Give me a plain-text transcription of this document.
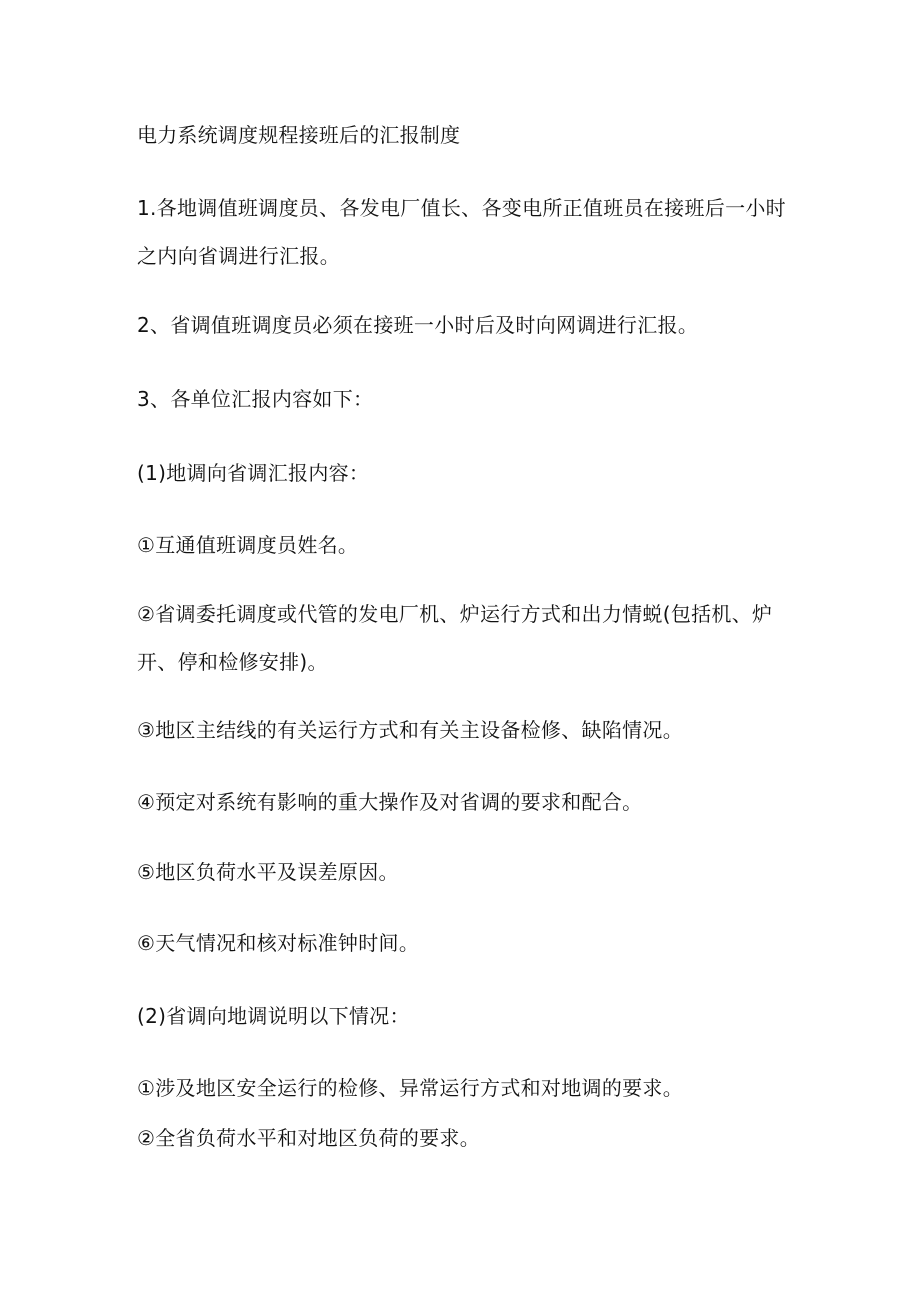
电力系统调度规程接班后的汇报制度
1.各地调值班调度员、各发电厂值长、各变电所正值班员在接班后一小时之内向省调进行汇报。
2、省调值班调度员必须在接班一小时后及时向网调进行汇报。
3、各单位汇报内容如下：
(1)地调向省调汇报内容：
①互通值班调度员姓名。
②省调委托调度或代管的发电厂机、炉运行方式和出力情蜕(包括机、炉开、停和检修安排)。
③地区主结线的有关运行方式和有关主设备检修、缺陷情况。
④预定对系统有影响的重大操作及对省调的要求和配合。
⑤地区负荷水平及误差原因。
⑥天气情况和核对标准钟时间。
(2)省调向地调说明以下情况：
①涉及地区安全运行的检修、异常运行方式和对地调的要求。
②全省负荷水平和对地区负荷的要求。
